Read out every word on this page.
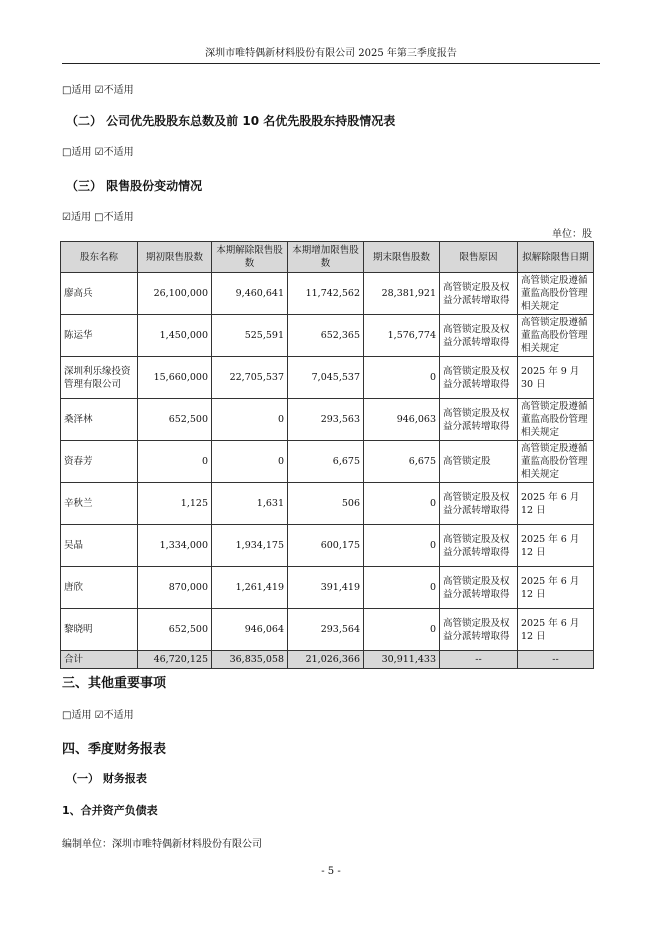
深圳市唯特偶新材料股份有限公司 2025 年第三季度报告
□适用 ☑不适用
（二） 公司优先股股东总数及前 10 名优先股股东持股情况表
□适用 ☑不适用
（三） 限售股份变动情况
☑适用 □不适用
单位：股
股东名称	期初限售股数	本期解除限售股数	本期增加限售股数	期末限售股数	限售原因	拟解除限售日期
廖高兵	26,100,000	9,460,641	11,742,562	28,381,921	高管锁定股及权益分派转增取得	高管锁定股遵循董监高股份管理相关规定
陈运华	1,450,000	525,591	652,365	1,576,774	高管锁定股及权益分派转增取得	高管锁定股遵循董监高股份管理相关规定
深圳利乐缘投资管理有限公司	15,660,000	22,705,537	7,045,537	0	高管锁定股及权益分派转增取得	2025 年 9 月 30 日
桑泽林	652,500	0	293,563	946,063	高管锁定股及权益分派转增取得	高管锁定股遵循董监高股份管理相关规定
资春芳	0	0	6,675	6,675	高管锁定股	高管锁定股遵循董监高股份管理相关规定
辛秋兰	1,125	1,631	506	0	高管锁定股及权益分派转增取得	2025 年 6 月 12 日
吴晶	1,334,000	1,934,175	600,175	0	高管锁定股及权益分派转增取得	2025 年 6 月 12 日
唐欣	870,000	1,261,419	391,419	0	高管锁定股及权益分派转增取得	2025 年 6 月 12 日
黎晓明	652,500	946,064	293,564	0	高管锁定股及权益分派转增取得	2025 年 6 月 12 日
合计	46,720,125	36,835,058	21,026,366	30,911,433	--	--
三、其他重要事项
□适用 ☑不适用
四、季度财务报表
（一） 财务报表
1、合并资产负债表
编制单位：深圳市唯特偶新材料股份有限公司
- 5 -
